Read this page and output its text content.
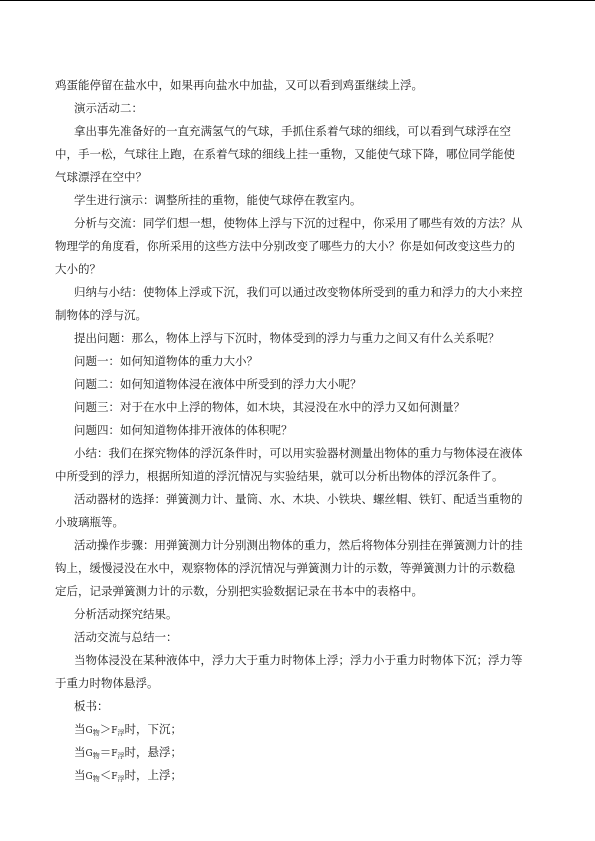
鸡蛋能停留在盐水中，如果再向盐水中加盐，又可以看到鸡蛋继续上浮。

演示活动二：

拿出事先准备好的一直充满氢气的气球，手抓住系着气球的细线，可以看到气球浮在空

中，手一松，气球往上跑，在系着气球的细线上挂一重物，又能使气球下降，哪位同学能使

气球漂浮在空中？

学生进行演示：调整所挂的重物，能使气球停在教室内。

分析与交流：同学们想一想，使物体上浮与下沉的过程中，你采用了哪些有效的方法？从

物理学的角度看，你所采用的这些方法中分别改变了哪些力的大小？你是如何改变这些力的

大小的？

归纳与小结：使物体上浮或下沉，我们可以通过改变物体所受到的重力和浮力的大小来控

制物体的浮与沉。

提出问题：那么，物体上浮与下沉时，物体受到的浮力与重力之间又有什么关系呢？

问题一：如何知道物体的重力大小？

问题二：如何知道物体浸在液体中所受到的浮力大小呢？

问题三：对于在水中上浮的物体，如木块，其浸没在水中的浮力又如何测量？

问题四：如何知道物体排开液体的体积呢？

小结：我们在探究物体的浮沉条件时，可以用实验器材测量出物体的重力与物体浸在液体

中所受到的浮力，根据所知道的浮沉情况与实验结果，就可以分析出物体的浮沉条件了。

活动器材的选择：弹簧测力计、量筒、水、木块、小铁块、螺丝帽、铁钉、配适当重物的

小玻璃瓶等。

活动操作步骤：用弹簧测力计分别测出物体的重力，然后将物体分别挂在弹簧测力计的挂

钩上，缓慢浸没在水中，观察物体的浮沉情况与弹簧测力计的示数，等弹簧测力计的示数稳

定后，记录弹簧测力计的示数，分别把实验数据记录在书本中的表格中。

分析活动探究结果。

活动交流与总结一：

当物体浸没在某种液体中，浮力大于重力时物体上浮；浮力小于重力时物体下沉；浮力等

于重力时物体悬浮。

板书：

当$G_物>F_浮$时，下沉；

当$G_物=F_浮$时，悬浮；

当$G_物<F_浮$时，上浮；
